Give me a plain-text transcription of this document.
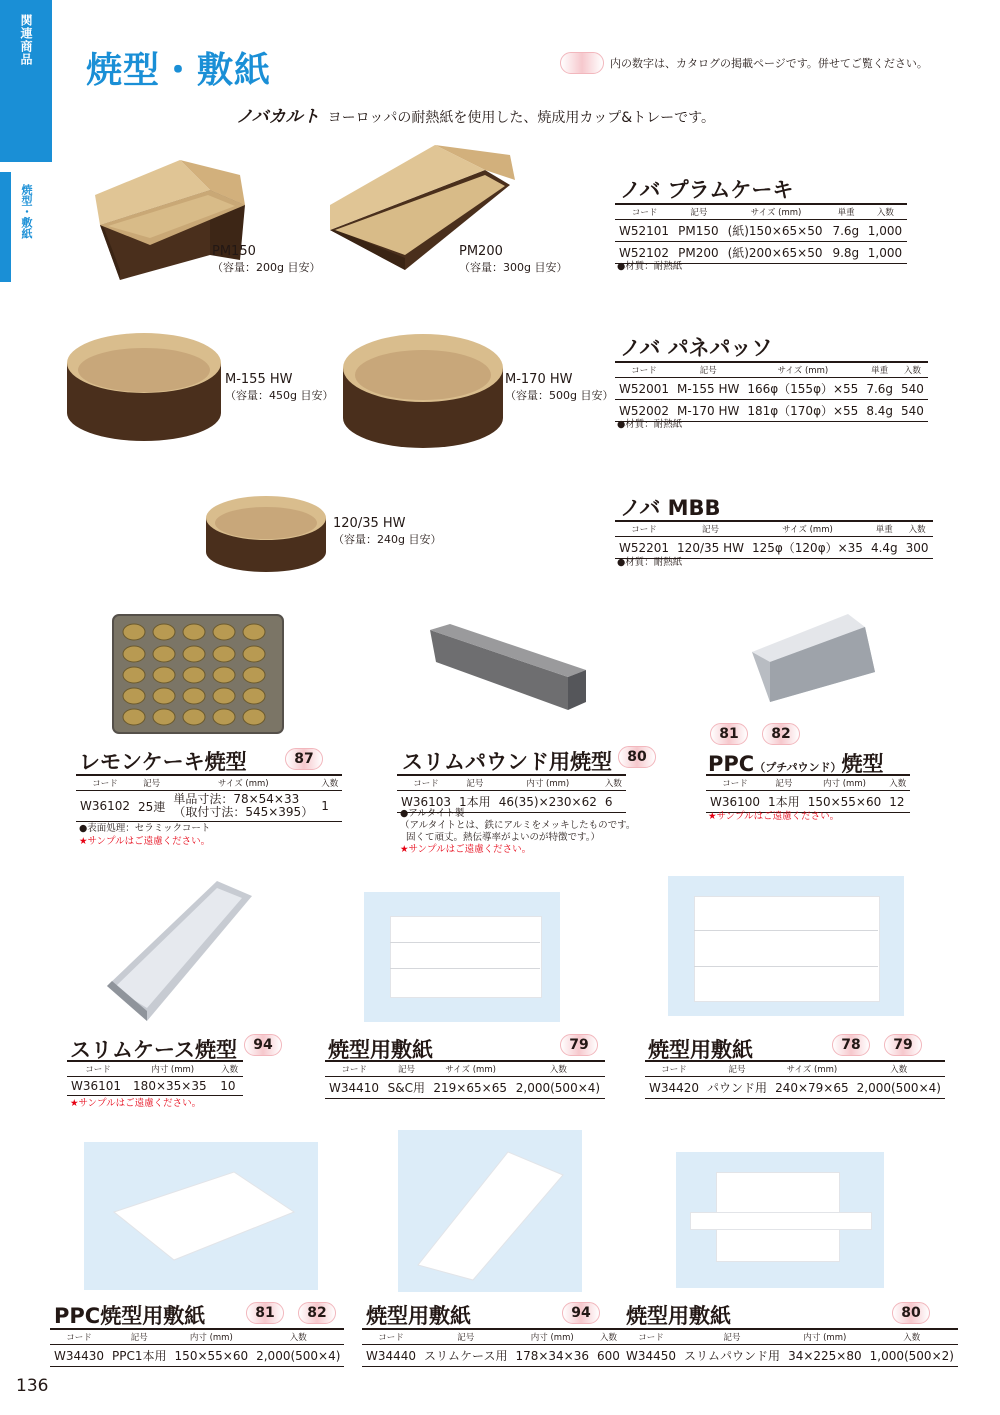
関連商品
焼型・敷紙
焼型・敷紙	内の数字は、カタログの掲載ページです。併せてご覧ください。
ノバカルト ヨーロッパの耐熱紙を使用した、焼成用カップ&トレーです。
PM150
（容量：200g 目安）
PM200
（容量：300g 目安）
M-155 HW
（容量：450g 目安）
M-170 HW
（容量：500g 目安）
120/35 HW
（容量：240g 目安）
ノバ プラムケーキ
コード	記号	サイズ (mm)	単重	入数
W52101	PM150	(紙)150×65×50	7.6g	1,000
W52102	PM200	(紙)200×65×50	9.8g	1,000
●材質：耐熱紙
ノバ パネパッソ
コード	記号	サイズ (mm)	単重	入数
W52001	M-155 HW	166φ（155φ）×55	7.6g	540
W52002	M-170 HW	181φ（170φ）×55	8.4g	540
●材質：耐熱紙
ノバ MBB
コード	記号	サイズ (mm)	単重	入数
W52201	120/35 HW	125φ（120φ）×35	4.4g	300
●材質：耐熱紙
レモンケーキ焼型	87
コード	記号	サイズ (mm)	入数
W36102	25連	単品寸法：78×54×33
（取付寸法：545×395）	1
●表面処理：セラミックコート
★サンプルはご遠慮ください。
スリムパウンド用焼型	80
コード	記号	内寸 (mm)	入数
W36103	1本用	46(35)×230×62	6
●アルタイト製
（アルタイトとは、鉄にアルミをメッキしたものです。
固くて頑丈。熱伝導率がよいのが特徴です。）
★サンプルはご遠慮ください。
81	82
PPC（プチパウンド）焼型
コード	記号	内寸 (mm)	入数
W36100	1本用	150×55×60	12
★サンプルはご遠慮ください。
スリムケース焼型	94
コード	内寸 (mm)	入数
W36101	180×35×35	10
★サンプルはご遠慮ください。
焼型用敷紙	79
コード	記号	サイズ (mm)	入数
W34410	S&C用	219×65×65	2,000(500×4)
焼型用敷紙	78	79
コード	記号	サイズ (mm)	入数
W34420	パウンド用	240×79×65	2,000(500×4)
PPC焼型用敷紙	81	82
コード	記号	内寸 (mm)	入数
W34430	PPC1本用	150×55×60	2,000(500×4)
焼型用敷紙	94
コード	記号	内寸 (mm)	入数
W34440	スリムケース用	178×34×36	600
焼型用敷紙	80
コード	記号	内寸 (mm)	入数
W34450	スリムパウンド用	34×225×80	1,000(500×2)
136
